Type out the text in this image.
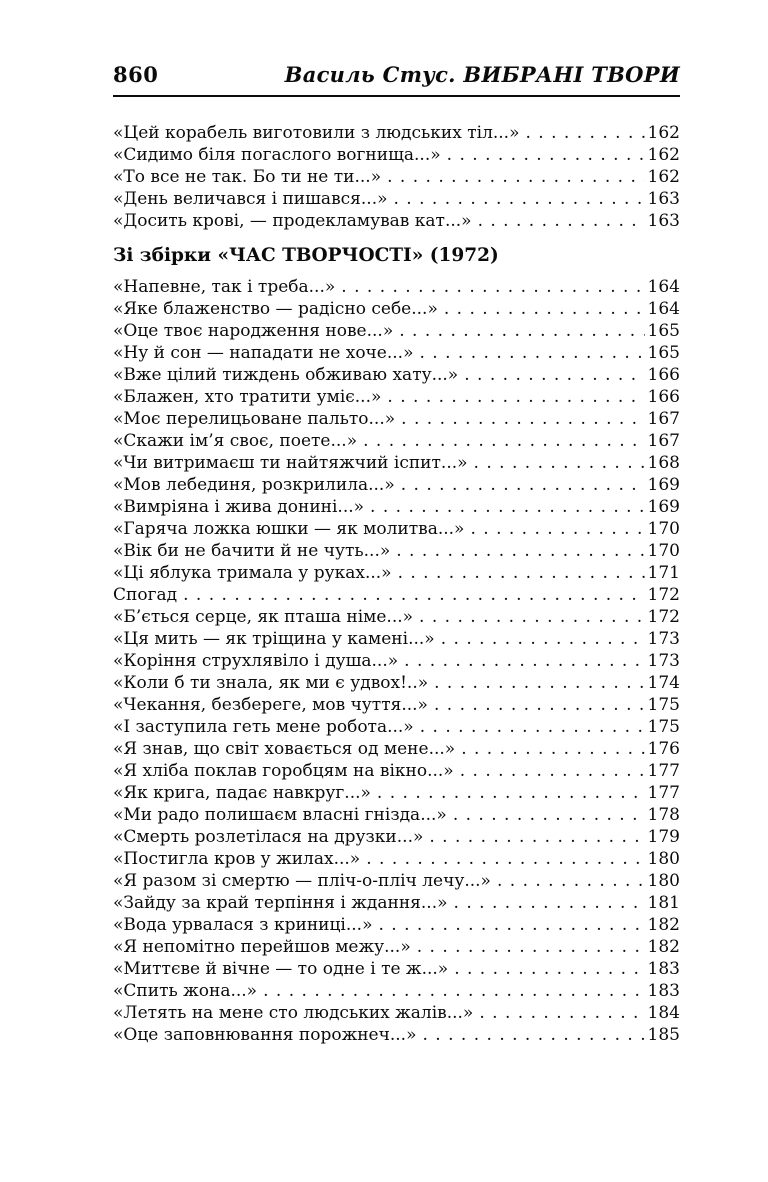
860	Василь Стус. ВИБРАНІ ТВОРИ
«Цей корабель виготовили з людських тіл...» . . .	162
«Сидимо біля погаслого вогнища...» . . .	162
«То все не так. Бо ти не ти...» . . .	162
«День величався і пишався...» . . .	163
«Досить крові, — продекламував кат...» . . .	163
Зі збірки «ЧАС ТВОРЧОСТІ» (1972)
«Напевне, так і треба...» . . .	164
«Яке блаженство — радісно себе...» . . .	164
«Оце твоє народження нове...» . . .	165
«Ну й сон — нападати не хоче...» . . .	165
«Вже цілий тиждень обживаю хату...» . . .	166
«Блажен, хто тратити уміє...» . . .	166
«Моє перелицьоване пальто...» . . .	167
«Скажи ім’я своє, поете...» . . .	167
«Чи витримаєш ти найтяжчий іспит...» . . .	168
«Мов лебединя, розкрилила...» . . .	169
«Вимріяна і жива донині...» . . .	169
«Гаряча ложка юшки — як молитва...» . . .	170
«Вік би не бачити й не чуть...» . . .	170
«Ці яблука тримала у руках...» . . .	171
Спогад . . .	172
«Б’ється серце, як пташа німе...» . . .	172
«Ця мить — як тріщина у камені...» . . .	173
«Коріння струхлявіло і душа...» . . .	173
«Коли б ти знала, як ми є удвох!..» . . .	174
«Чекання, безбереге, мов чуття...» . . .	175
«І заступила геть мене робота...» . . .	175
«Я знав, що світ ховається од мене...» . . .	176
«Я хліба поклав горобцям на вікно...» . . .	177
«Як крига, падає навкруг...» . . .	177
«Ми радо полишаєм власні гнізда...» . . .	178
«Смерть розлетілася на друзки...» . . .	179
«Постигла кров у жилах...» . . .	180
«Я разом зі смертю — пліч-о-пліч лечу...» . . .	180
«Зайду за край терпіння і ждання...» . . .	181
«Вода урвалася з криниці...» . . .	182
«Я непомітно перейшов межу...» . . .	182
«Миттєве й вічне — то одне і те ж...» . . .	183
«Спить жона...» . . .	183
«Летять на мене сто людських жалів...» . . .	184
«Оце заповнювання порожнеч...» . . .	185
